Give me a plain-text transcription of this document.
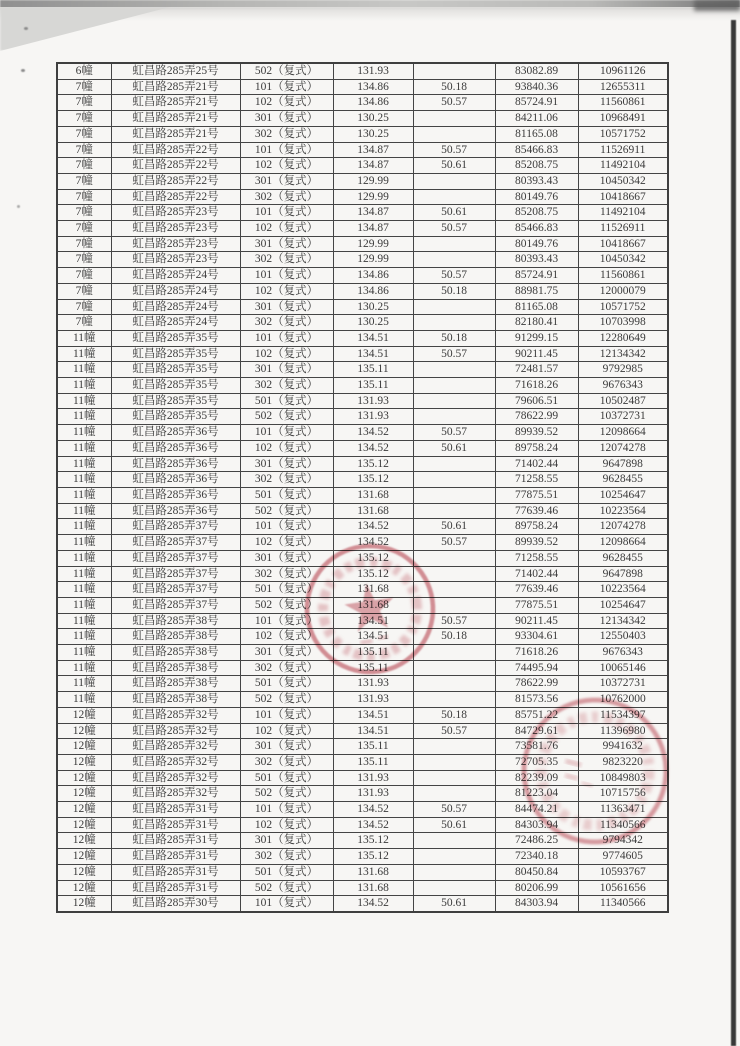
6幢	虹昌路285弄25号	502（复式）	131.93		83082.89	10961126
7幢	虹昌路285弄21号	101（复式）	134.86	50.18	93840.36	12655311
7幢	虹昌路285弄21号	102（复式）	134.86	50.57	85724.91	11560861
7幢	虹昌路285弄21号	301（复式）	130.25		84211.06	10968491
7幢	虹昌路285弄21号	302（复式）	130.25		81165.08	10571752
7幢	虹昌路285弄22号	101（复式）	134.87	50.57	85466.83	11526911
7幢	虹昌路285弄22号	102（复式）	134.87	50.61	85208.75	11492104
7幢	虹昌路285弄22号	301（复式）	129.99		80393.43	10450342
7幢	虹昌路285弄22号	302（复式）	129.99		80149.76	10418667
7幢	虹昌路285弄23号	101（复式）	134.87	50.61	85208.75	11492104
7幢	虹昌路285弄23号	102（复式）	134.87	50.57	85466.83	11526911
7幢	虹昌路285弄23号	301（复式）	129.99		80149.76	10418667
7幢	虹昌路285弄23号	302（复式）	129.99		80393.43	10450342
7幢	虹昌路285弄24号	101（复式）	134.86	50.57	85724.91	11560861
7幢	虹昌路285弄24号	102（复式）	134.86	50.18	88981.75	12000079
7幢	虹昌路285弄24号	301（复式）	130.25		81165.08	10571752
7幢	虹昌路285弄24号	302（复式）	130.25		82180.41	10703998
11幢	虹昌路285弄35号	101（复式）	134.51	50.18	91299.15	12280649
11幢	虹昌路285弄35号	102（复式）	134.51	50.57	90211.45	12134342
11幢	虹昌路285弄35号	301（复式）	135.11		72481.57	9792985
11幢	虹昌路285弄35号	302（复式）	135.11		71618.26	9676343
11幢	虹昌路285弄35号	501（复式）	131.93		79606.51	10502487
11幢	虹昌路285弄35号	502（复式）	131.93		78622.99	10372731
11幢	虹昌路285弄36号	101（复式）	134.52	50.57	89939.52	12098664
11幢	虹昌路285弄36号	102（复式）	134.52	50.61	89758.24	12074278
11幢	虹昌路285弄36号	301（复式）	135.12		71402.44	9647898
11幢	虹昌路285弄36号	302（复式）	135.12		71258.55	9628455
11幢	虹昌路285弄36号	501（复式）	131.68		77875.51	10254647
11幢	虹昌路285弄36号	502（复式）	131.68		77639.46	10223564
11幢	虹昌路285弄37号	101（复式）	134.52	50.61	89758.24	12074278
11幢	虹昌路285弄37号	102（复式）	134.52	50.57	89939.52	12098664
11幢	虹昌路285弄37号	301（复式）	135.12		71258.55	9628455
11幢	虹昌路285弄37号	302（复式）	135.12		71402.44	9647898
11幢	虹昌路285弄37号	501（复式）	131.68		77639.46	10223564
11幢	虹昌路285弄37号	502（复式）	131.68		77875.51	10254647
11幢	虹昌路285弄38号	101（复式）	134.51	50.57	90211.45	12134342
11幢	虹昌路285弄38号	102（复式）	134.51	50.18	93304.61	12550403
11幢	虹昌路285弄38号	301（复式）	135.11		71618.26	9676343
11幢	虹昌路285弄38号	302（复式）	135.11		74495.94	10065146
11幢	虹昌路285弄38号	501（复式）	131.93		78622.99	10372731
11幢	虹昌路285弄38号	502（复式）	131.93		81573.56	10762000
12幢	虹昌路285弄32号	101（复式）	134.51	50.18	85751.22	11534397
12幢	虹昌路285弄32号	102（复式）	134.51	50.57	84729.61	11396980
12幢	虹昌路285弄32号	301（复式）	135.11		73581.76	9941632
12幢	虹昌路285弄32号	302（复式）	135.11		72705.35	9823220
12幢	虹昌路285弄32号	501（复式）	131.93		82239.09	10849803
12幢	虹昌路285弄32号	502（复式）	131.93		81223.04	10715756
12幢	虹昌路285弄31号	101（复式）	134.52	50.57	84474.21	11363471
12幢	虹昌路285弄31号	102（复式）	134.52	50.61	84303.94	11340566
12幢	虹昌路285弄31号	301（复式）	135.12		72486.25	9794342
12幢	虹昌路285弄31号	302（复式）	135.12		72340.18	9774605
12幢	虹昌路285弄31号	501（复式）	131.68		80450.84	10593767
12幢	虹昌路285弄31号	502（复式）	131.68		80206.99	10561656
12幢	虹昌路285弄30号	101（复式）	134.52	50.61	84303.94	11340566
